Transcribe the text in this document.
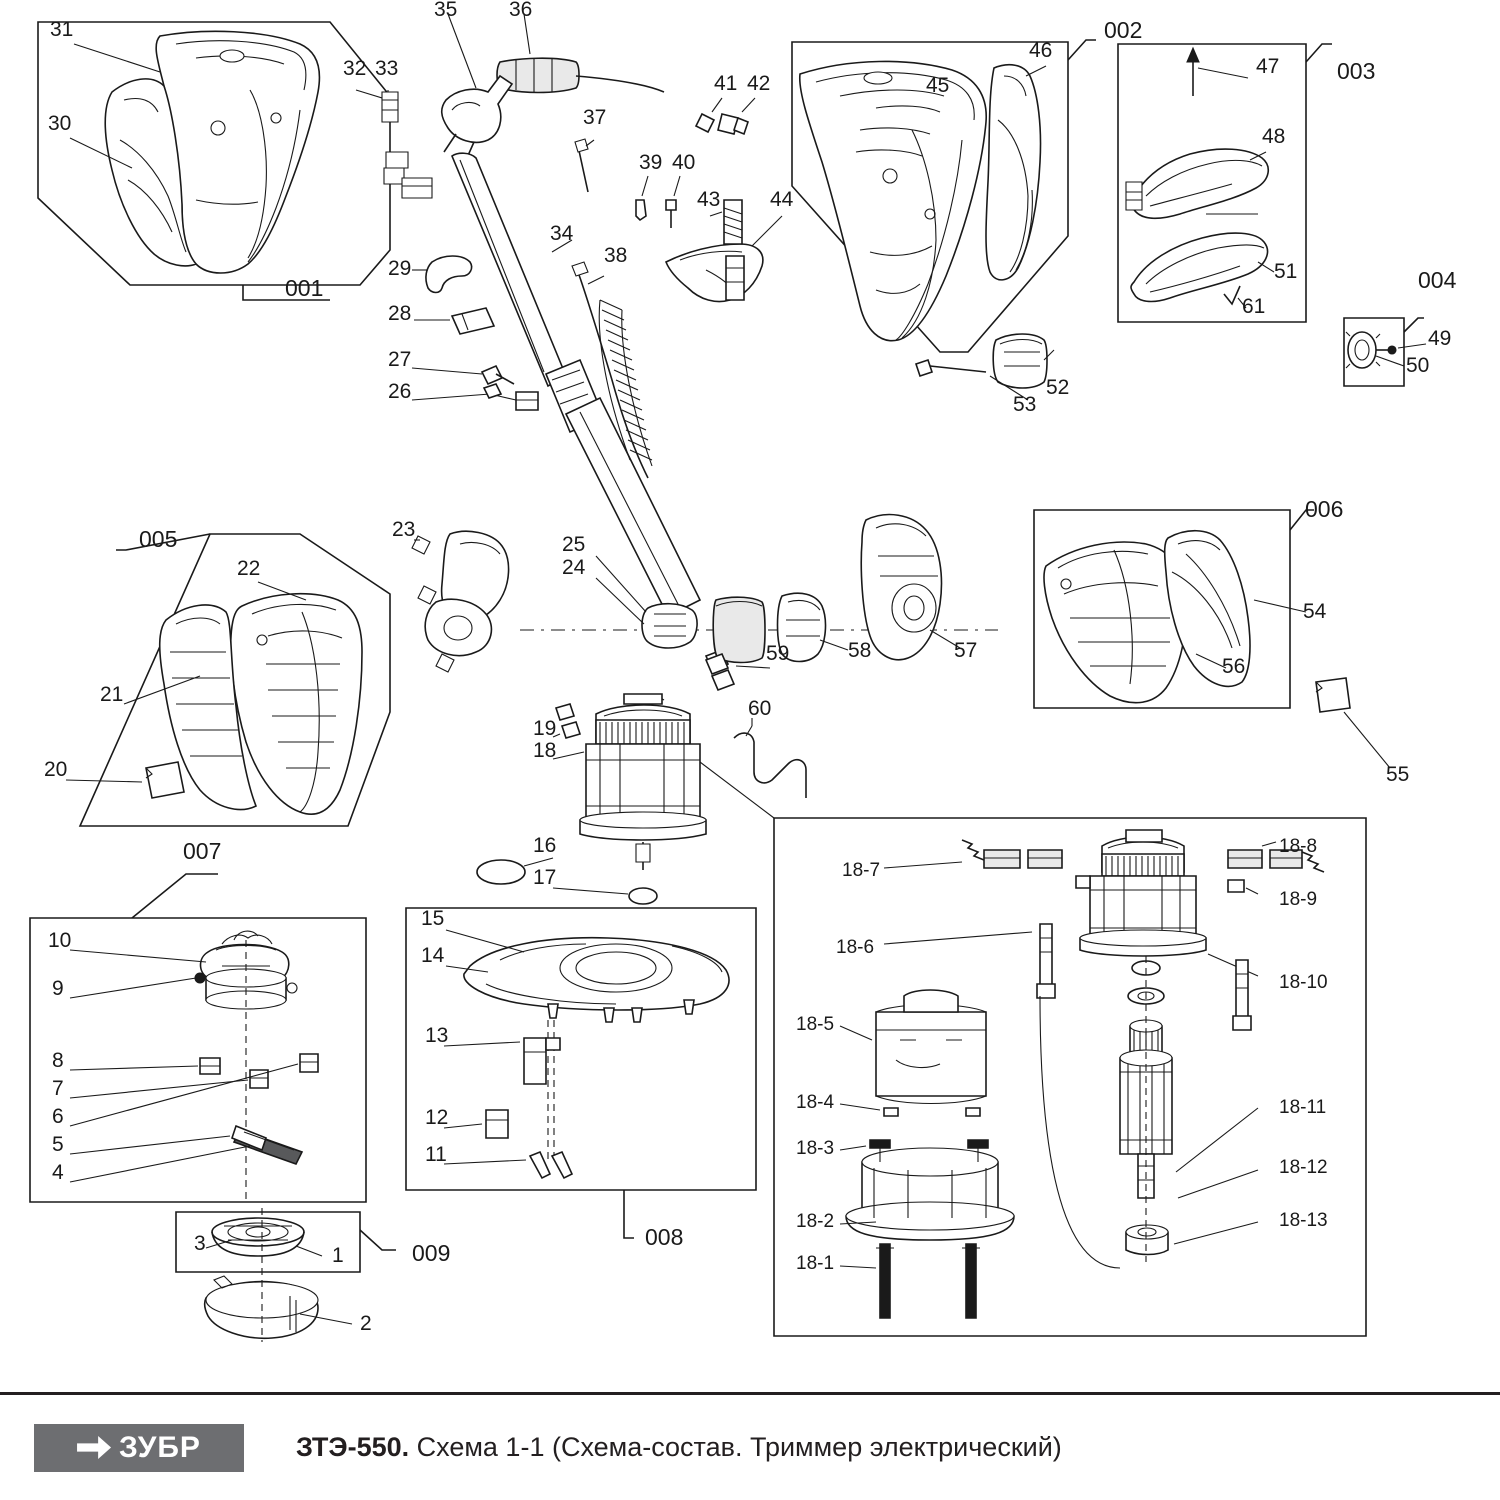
001
002
003
004
005
006
007
008
009
1
2
3
4
5
6
7
8
9
10
11
12
13
14
15
16
17
18
19
20
21
22
23
24
25
26
27
28
29
30
31
32 33
34
35 36
37
38
39 40
41 42
43 44
45
46
47
48
49
50
51
52
53
54
55
56
57
58
59
60
61
18-1
18-2
18-3
18-4
18-5
18-6
18-7
18-8
18-9
18-10
18-11
18-12
18-13
ЗУБР	ЗТЭ-550. Схема 1-1 (Схема-состав. Триммер электрический)
